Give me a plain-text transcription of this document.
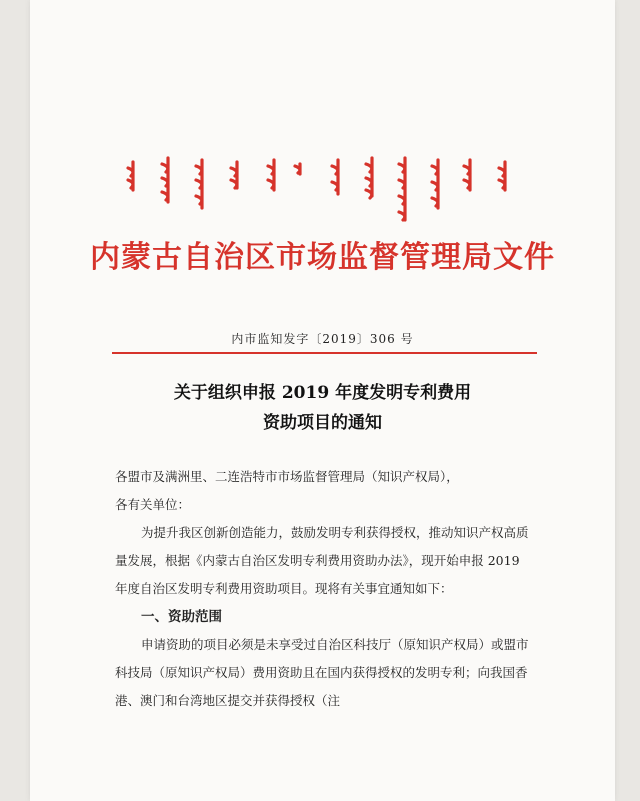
内蒙古自治区市场监督管理局文件
内市监知发字〔2019〕306 号
关于组织申报 2019 年度发明专利费用
资助项目的通知

各盟市及满洲里、二连浩特市市场监督管理局（知识产权局），

各有关单位：

为提升我区创新创造能力，鼓励发明专利获得授权，推动知识产权高质量发展，根据《内蒙古自治区发明专利费用资助办法》，现开始申报 2019 年度自治区发明专利费用资助项目。现将有关事宜通知如下：

一、资助范围

申请资助的项目必须是未享受过自治区科技厅（原知识产权局）或盟市科技局（原知识产权局）费用资助且在国内获得授权的发明专利；向我国香港、澳门和台湾地区提交并获得授权（注
